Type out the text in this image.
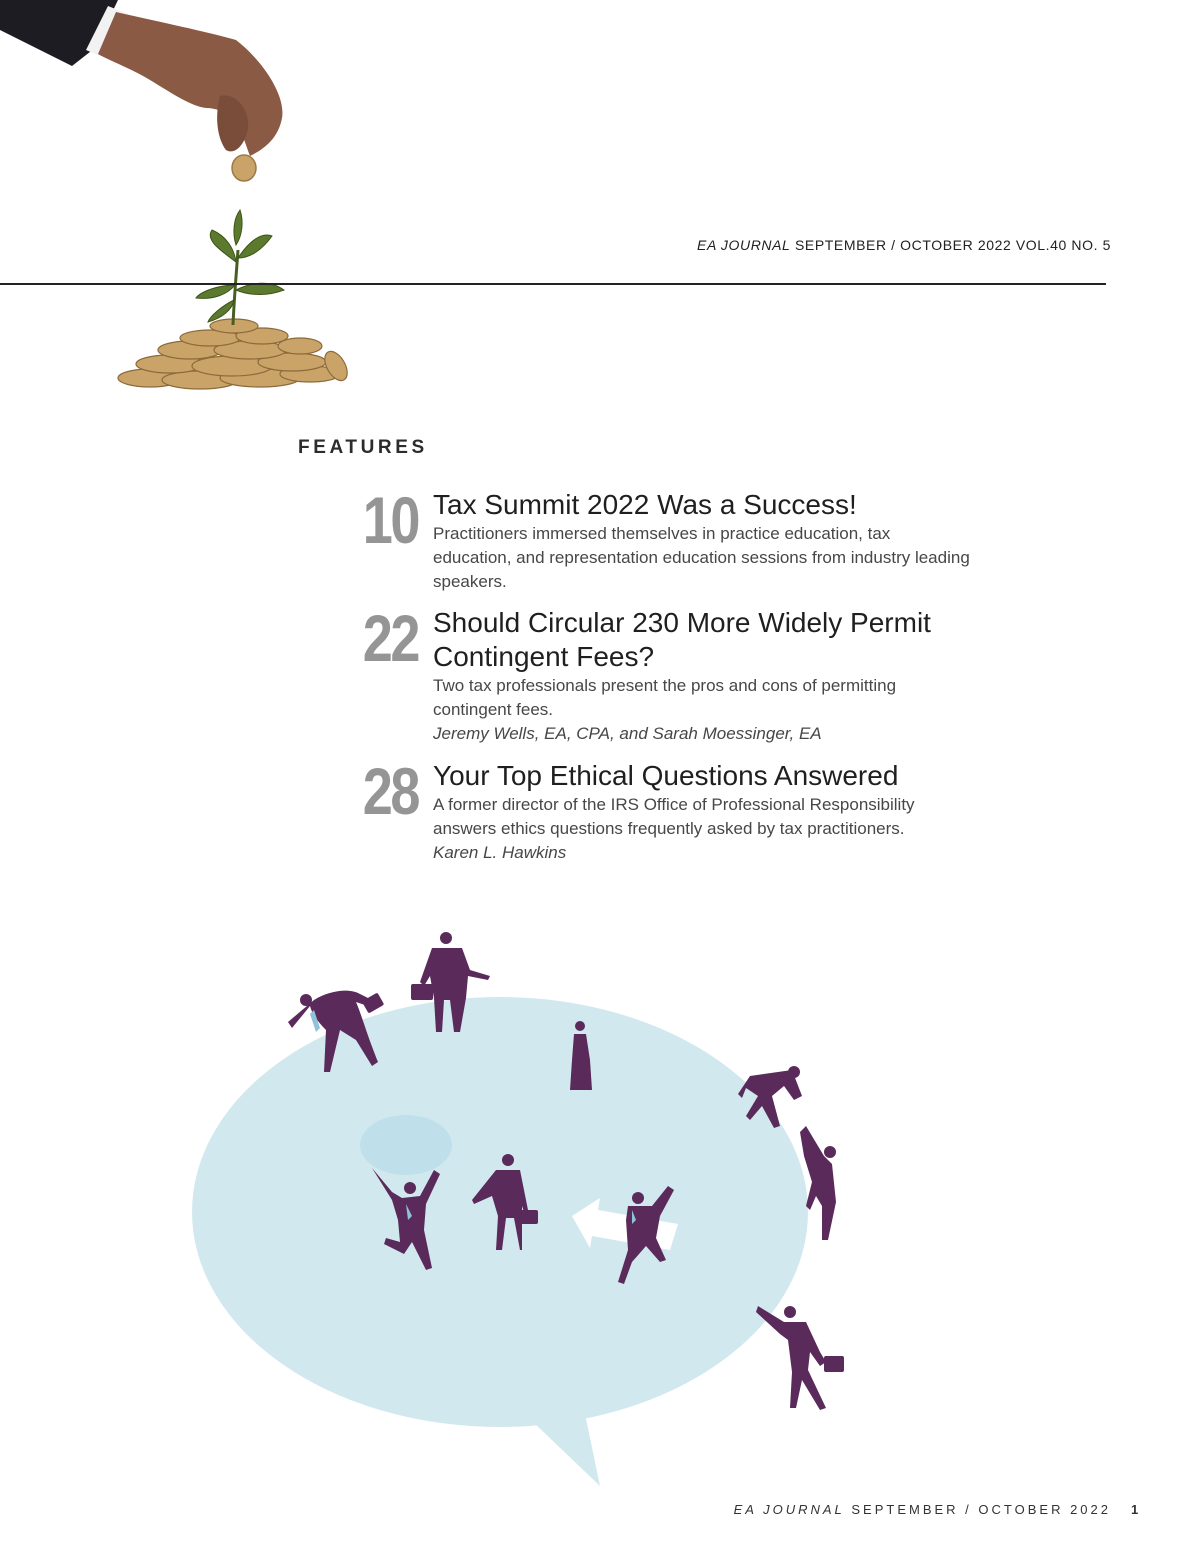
EA JOURNAL SEPTEMBER / OCTOBER 2022 VOL.40 NO. 5
FEATURES
10 Tax Summit 2022 Was a Success!

Practitioners immersed themselves in practice education, tax education, and representation education sessions from industry leading speakers.

22 Should Circular 230 More Widely Permit Contingent Fees?

Two tax professionals present the pros and cons of permitting contingent fees.

Jeremy Wells, EA, CPA, and Sarah Moessinger, EA

28 Your Top Ethical Questions Answered

A former director of the IRS Office of Professional Responsibility answers ethics questions frequently asked by tax practitioners.

Karen L. Hawkins

EA JOURNAL SEPTEMBER / OCTOBER 2022 1
